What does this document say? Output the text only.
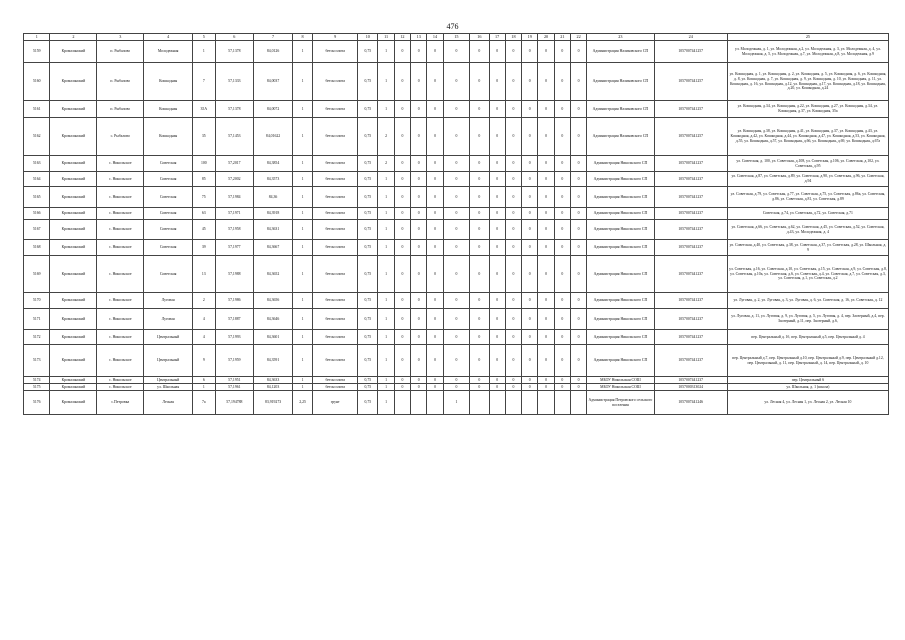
476
1	2	3	4	5	6	7	8	9	10	11	12	13	14	15	16	17	18	19	20	21	22	23	24	25
5159	Кромаланский	п. Рыбалово	Молодежная	1	57,1378	84,0126	1	бетон плита	0,75	1	0	0	0	0	0	0	0	0	0	0	0	Администрация Наликовского СП	1057007441257	ул. Молодежная, д. 1, ул. Молодежная, д.2, ул. Молодежная, д. 3, ул. Молодежная, д. 4, ул. Молодежная, д. 5, ул. Молодежная, д.7, ул. Молодежная, д.8, ул. Молодежная, д.9
5160	Кромаланский	п. Рыбалово	Кошкодная	7	57,1333	84,0037	1	бетон плита	0,75	1	0	0	0	0	0	0	0	0	0	0	0	Администрация Наликовского СП	1057007441257	ул. Кошкодная, д. 1, ул. Кошкодная, д. 2, ул. Кошкодная, д. 5, ул. Кошкодная, д. 6, ул. Кошкодная, д. 8, ул. Кошкодная, д. 7, ул. Кошкодная, д. 9, ул. Кошкодная, д. 10, ул. Кошкодная, д. 11, ул. Кошкодная, д. 16, ул. Кошкодная, д.12, ул. Кошкодная, д.17, ул. Кошкодная, д.18, ул. Кошкодная, д.20, ул. Кошкодная, д.24
5161	Кромаланский	п. Рыбалово	Кошкодная	35А	57,1378	84,0072	1	бетон плита	0,75	1	0	0	0	0	0	0	0	0	0	0	0	Администрация Наликовского СП	1057007441257	ул. Кошкодная, д.34, ул. Кошкодная, д.22, ул. Кошкодная, д.27, ул. Кошкодная, д.34, ул. Кошкодная, д.37, ул. Кошкодная, 35а
5162	Кромаланский	с. Рыбалово	Кошкодная	35	57,1453	84,01622	1	бетон плита	0,75	2	0	0	0	0	0	0	0	0	0	0	0	Администрация Наликовского СП	1057007441257	ул. Кошкодная, д.38, ул. Кошкодная, д.41, ул. Кошкодная, д.37, ул. Кошкодная, д.43, ул. Кошкодная, д.42, ул. Кошкодная, д.44, ул. Кошкодная, д.47, ул. Кошкодная, д.53, ул. Кошкодная, д.55, ул. Кошкодная, д.57, ул. Кошкодная, д.66, ул. Кошкодная, д.69, ул. Кошкодная, д.67а
5163	Кромаланский	с. Никольское	Советская	100	57,2017	84,3854	1	бетон плита	0,75	2	0	0	0	0	0	0	0	0	0	0	0	Администрация Никольского СП	1057007441237	ул. Советская, д. 100, ул. Советская, д.108, ул. Советская, д.106, ул. Советская, д.102, ул. Советская, д.95
5164	Кромаланский	с. Никольское	Советская	85	57,2002	84,3573	1	бетон плита	0,75	1	0	0	0	0	0	0	0	0	0	0	0	Администрация Никольского СП	1057007441237	ул. Советская, д.87, ул. Советская, д.89, ул. Советская, д.90, ул. Советская, д.96, ул. Советская, д.94
5165	Кромаланский	с. Никольское	Советская	75	57,1984	84,36	1	бетон плита	0,75	1	0	0	0	0	0	0	0	0	0	0	0	Администрация Никольского СП	1057007441237	ул. Советская, д.79, ул. Советская, д.77, ул. Советская, д.75, ул. Советская, д.86а, ул. Советская, д.86, ул. Советская, д.81, ул. Советская, д.89
5166	Кромаланский	с. Никольское	Советская	63	57,1971	84,3918	1	бетон плита	0,75	1	0	0	0	0	0	0	0	0	0	0	0	Администрация Никольского СП	1057007441237	Советская, д.74, ул. Советская, д.72, ул. Советская, д.71
5167	Кромаланский	с. Никольское	Советская	45	57,1958	84,3631	1	бетон плита	0,75	1	0	0	0	0	0	0	0	0	0	0	0	Администрация Никольского СП	1057007441237	ул. Советская, д.66, ул. Советская, д.62, ул. Советская, д.45, ул. Советская, д.52, ул. Советская, д.43, ул. Молодежная, д. 4
5168	Кромаланский	с. Никольское	Советская	39	57,1977	84,3667	1	бетон плита	0,75	1	0	0	0	0	0	0	0	0	0	0	0	Администрация Никольского СП	1057007441237	ул. Советская, д.40, ул. Советская, д.38, ул. Советская, д.37, ул. Советская, д.28, ул. Школьная, д. 9
5169	Кромаланский	с. Никольское	Советская	13	57,1988	84,3652	1	бетон плита	0,75	1	0	0	0	0	0	0	0	0	0	0	0	Администрация Никольского СП	1057007441237	ул. Советская, д.16, ул. Советская, д.10, ул. Советская, д.15, ул. Советская, д.9, ул. Советская, д.8, ул. Советская, д.10а, ул. Советская, д.6, ул. Советская, д.4, ул. Советская, д.7, ул. Советская, д.3, ул. Советская, д.1, ул. Советская, д.2
5170	Кромаланский	с. Никольское	Луговая	2	57,1986	84,3656	1	бетон плита	0,75	1	0	0	0	0	0	0	0	0	0	0	0	Администрация Никольского СП	1057007441237	ул. Луговая, д. 2, ул. Луговая, д. 3, ул. Луговая, д. 6, ул. Советская, д. 16, ул. Советская, д. 12
5171	Кромаланский	с. Никольское	Луговая	4	57,1887	84,3646	1	бетон плита	0,75	1	0	0	0	0	0	0	0	0	0	0	0	Администрация Никольского СП	1057007441237	ул. Луговая, д. 11, ул. Луговая, д. 9, ул. Луговая, д. 5, ул. Луговая, д. 4, пер. Заозерный, д.4, пер. Заозерный, д.11, пер. Заозерный, д.6,
5172	Кромаланский	с. Никольское	Центральный	4	57,1993	84,3601	1	бетон плита	0,75	1	0	0	0	0	0	0	0	0	0	0	0	Администрация Никольского СП	1057007441237	пер. Центральный д. 1б, пер. Центральный д.5, пер. Центральный д. 4
5173	Кромаланский	с. Никольское	Центральный	9	57,1959	84,3591	1	бетон плита	0,75	1	0	0	0	0	0	0	0	0	0	0	0	Администрация Никольского СП	1057007441237	пер. Центральный д.7, пер. Центральный д.10, пер. Центральный д.9, пер. Центральный д.12, пер. Центральный, д. 11, пер. Центральный, д. 14, пер. Центральный, д. 10
5174	Кромаланский	с. Никольское	Центральный	6	57,1951	84,3633	1	бетон плита	0,75	1	0	0	0	0	0	0	0	0	0	0	0	МБОУ Никольская СОШ	1057007441237	пер. Центральный 6
5175	Кромаланский	с. Никольское	ул. Школьная	1	57,1961	84,1203	1	бетон плита	0,75	1	0	0	0	0	0	0	0	0	0	0	0	МБОУ Никольская СОШ	1057000313024	ул. Школьная, д. 1 (школа)
5176	Кромаланский	с.Петровка	Лесная	7а	57,194788	83,919273	2,25	грунт	0,75	1				1								Администрация Петровского сельского поселения	1057007441246	ул. Лесная 4, ул. Лесная 1, ул. Лесная 2, ул. Лесная 10
